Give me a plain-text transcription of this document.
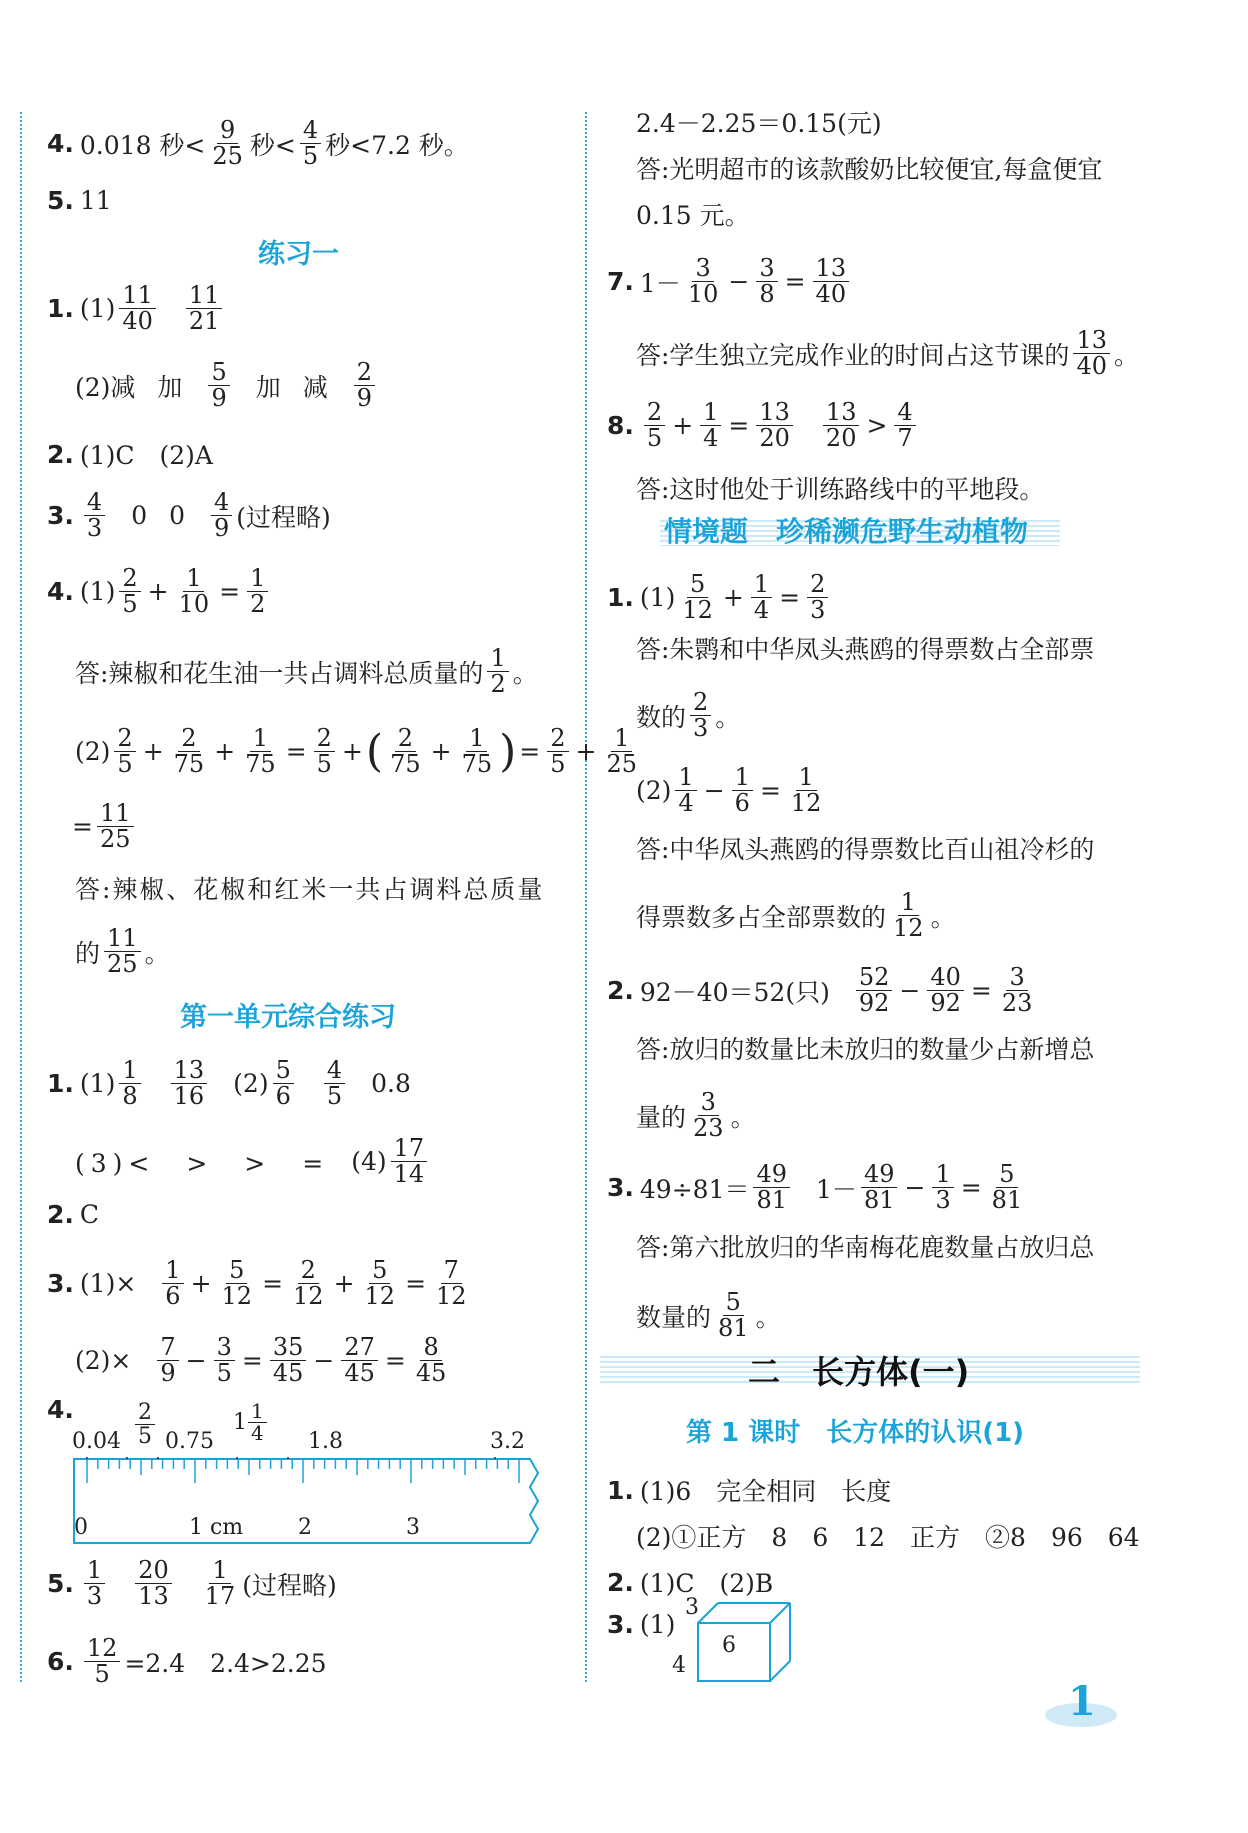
4. 0.018 秒< $\frac{9}{25}$ 秒< $\frac{4}{5}$ 秒<7.2 秒。
5. 11
练习一
1. $(1) \frac{11}{40} \frac{11}{21}$
(2)减 加 $\frac{5}{9}$ 加 减 $\frac{2}{9}$
2. (1)C　(2)A
3. $\frac{4}{3} 0$ $0 \frac{4}{9}$ (过程略)
4. $(1) \frac{2}{5} + \frac{1}{10} = \frac{1}{2}$
答:辣椒和花生油一共占调料总质量的 $\frac{1}{2}$ 。
$(2) \frac{2}{5} + \frac{2}{75} + \frac{1}{75} = \frac{2}{5}$ + ( $\frac{2}{75} + \frac{1}{75}$ ) = $\frac{2}{5} + \frac{1}{25}$
= $\frac{11}{25}$
答:辣椒、花椒和红米一共占调料总质量
的 $\frac{11}{25}$ 。
第一单元综合练习
1. $(1) \frac{1}{8} \frac{13}{16} (2) \frac{5}{6} \frac{4}{5} 0.8$
(3)<　>　>　= $(4) \frac{17}{14}$
2. C
3. $(1)\times \frac{1}{6} + \frac{5}{12} = \frac{2}{12} + \frac{5}{12} = \frac{7}{12}$
$(2)\times \frac{7}{9} - \frac{3}{5} = \frac{35}{45} - \frac{27}{45} = \frac{8}{45}$
4.
$0.04 \frac{2}{5} 0.75$
$1 \frac{1}{4} 1.8$	3.2
0	1 cm 2	3
5. $\frac{1}{3} \frac{20}{13} \frac{1}{17}$ (过程略)
6. $\frac{12}{5} =2.4$　2.4>2.25
2.4－2.25＝0.15(元)
答:光明超市的该款酸奶比较便宜,每盒便宜
0.15 元。
7. $1- \frac{3}{10} - \frac{3}{8} = \frac{13}{40}$
答:学生独立完成作业的时间占这节课的 $\frac{13}{40}$ 。
8. $\frac{2}{5} + \frac{1}{4} = \frac{13}{20} \frac{13}{20} > \frac{4}{7}$
答:这时他处于训练路线中的平地段。
情境题　珍稀濒危野生动植物
1. $(1) \frac{5}{12} + \frac{1}{4} = \frac{2}{3}$
答:朱鹮和中华凤头燕鸥的得票数占全部票
数的 $\frac{2}{3}$ 。
$(2) \frac{1}{4} - \frac{1}{6} = \frac{1}{12}$
答:中华凤头燕鸥的得票数比百山祖冷杉的
得票数多占全部票数的 $\frac{1}{12}$ 。
2. 92－40＝52(只) $\frac{52}{92} - \frac{40}{92} = \frac{3}{23}$
答:放归的数量比未放归的数量少占新增总
量的 $\frac{3}{23}$ 。
3. $49\div 81= \frac{49}{81} 1- \frac{49}{81} - \frac{1}{3} = \frac{5}{81}$
答:第六批放归的华南梅花鹿数量占放归总
数量的 $\frac{5}{81}$ 。
二　长方体(一)
第 1 课时　长方体的认识(1)
1. (1)6　完全相同　长度
(2)①正方　8　6　12　正方　②8　96　64
2. (1)C　(2)B
3. (1)
3
4
6
1
